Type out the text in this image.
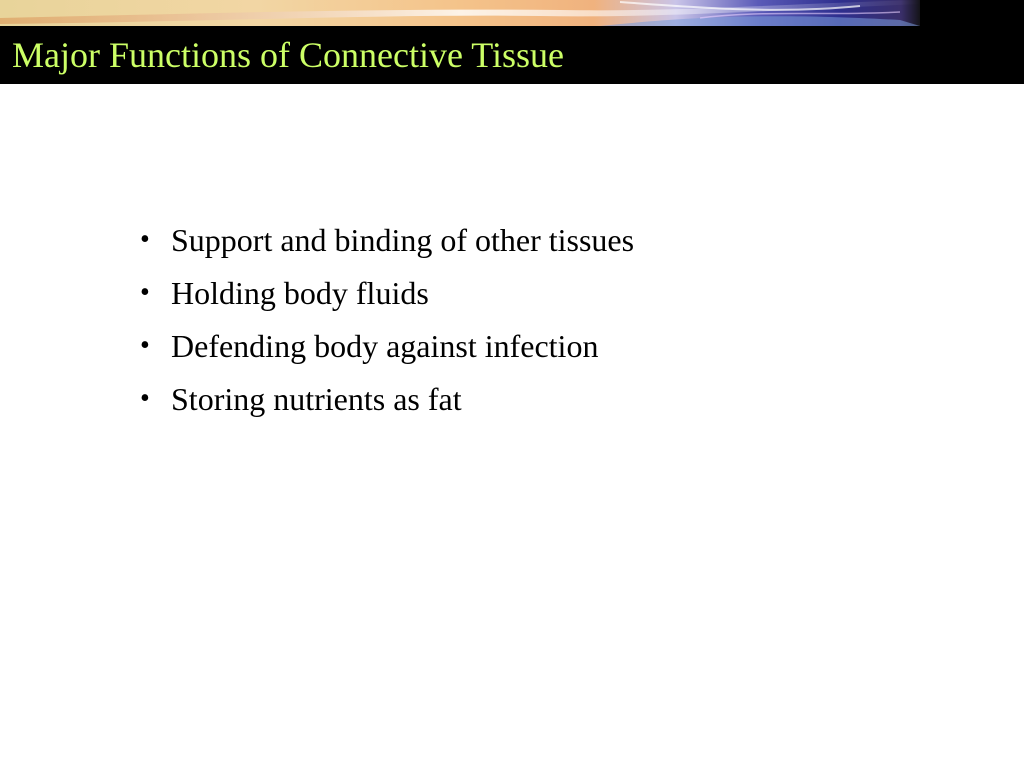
Major Functions of Connective Tissue
• Support and binding of other tissues
• Holding body fluids
• Defending body against infection
• Storing nutrients as fat
